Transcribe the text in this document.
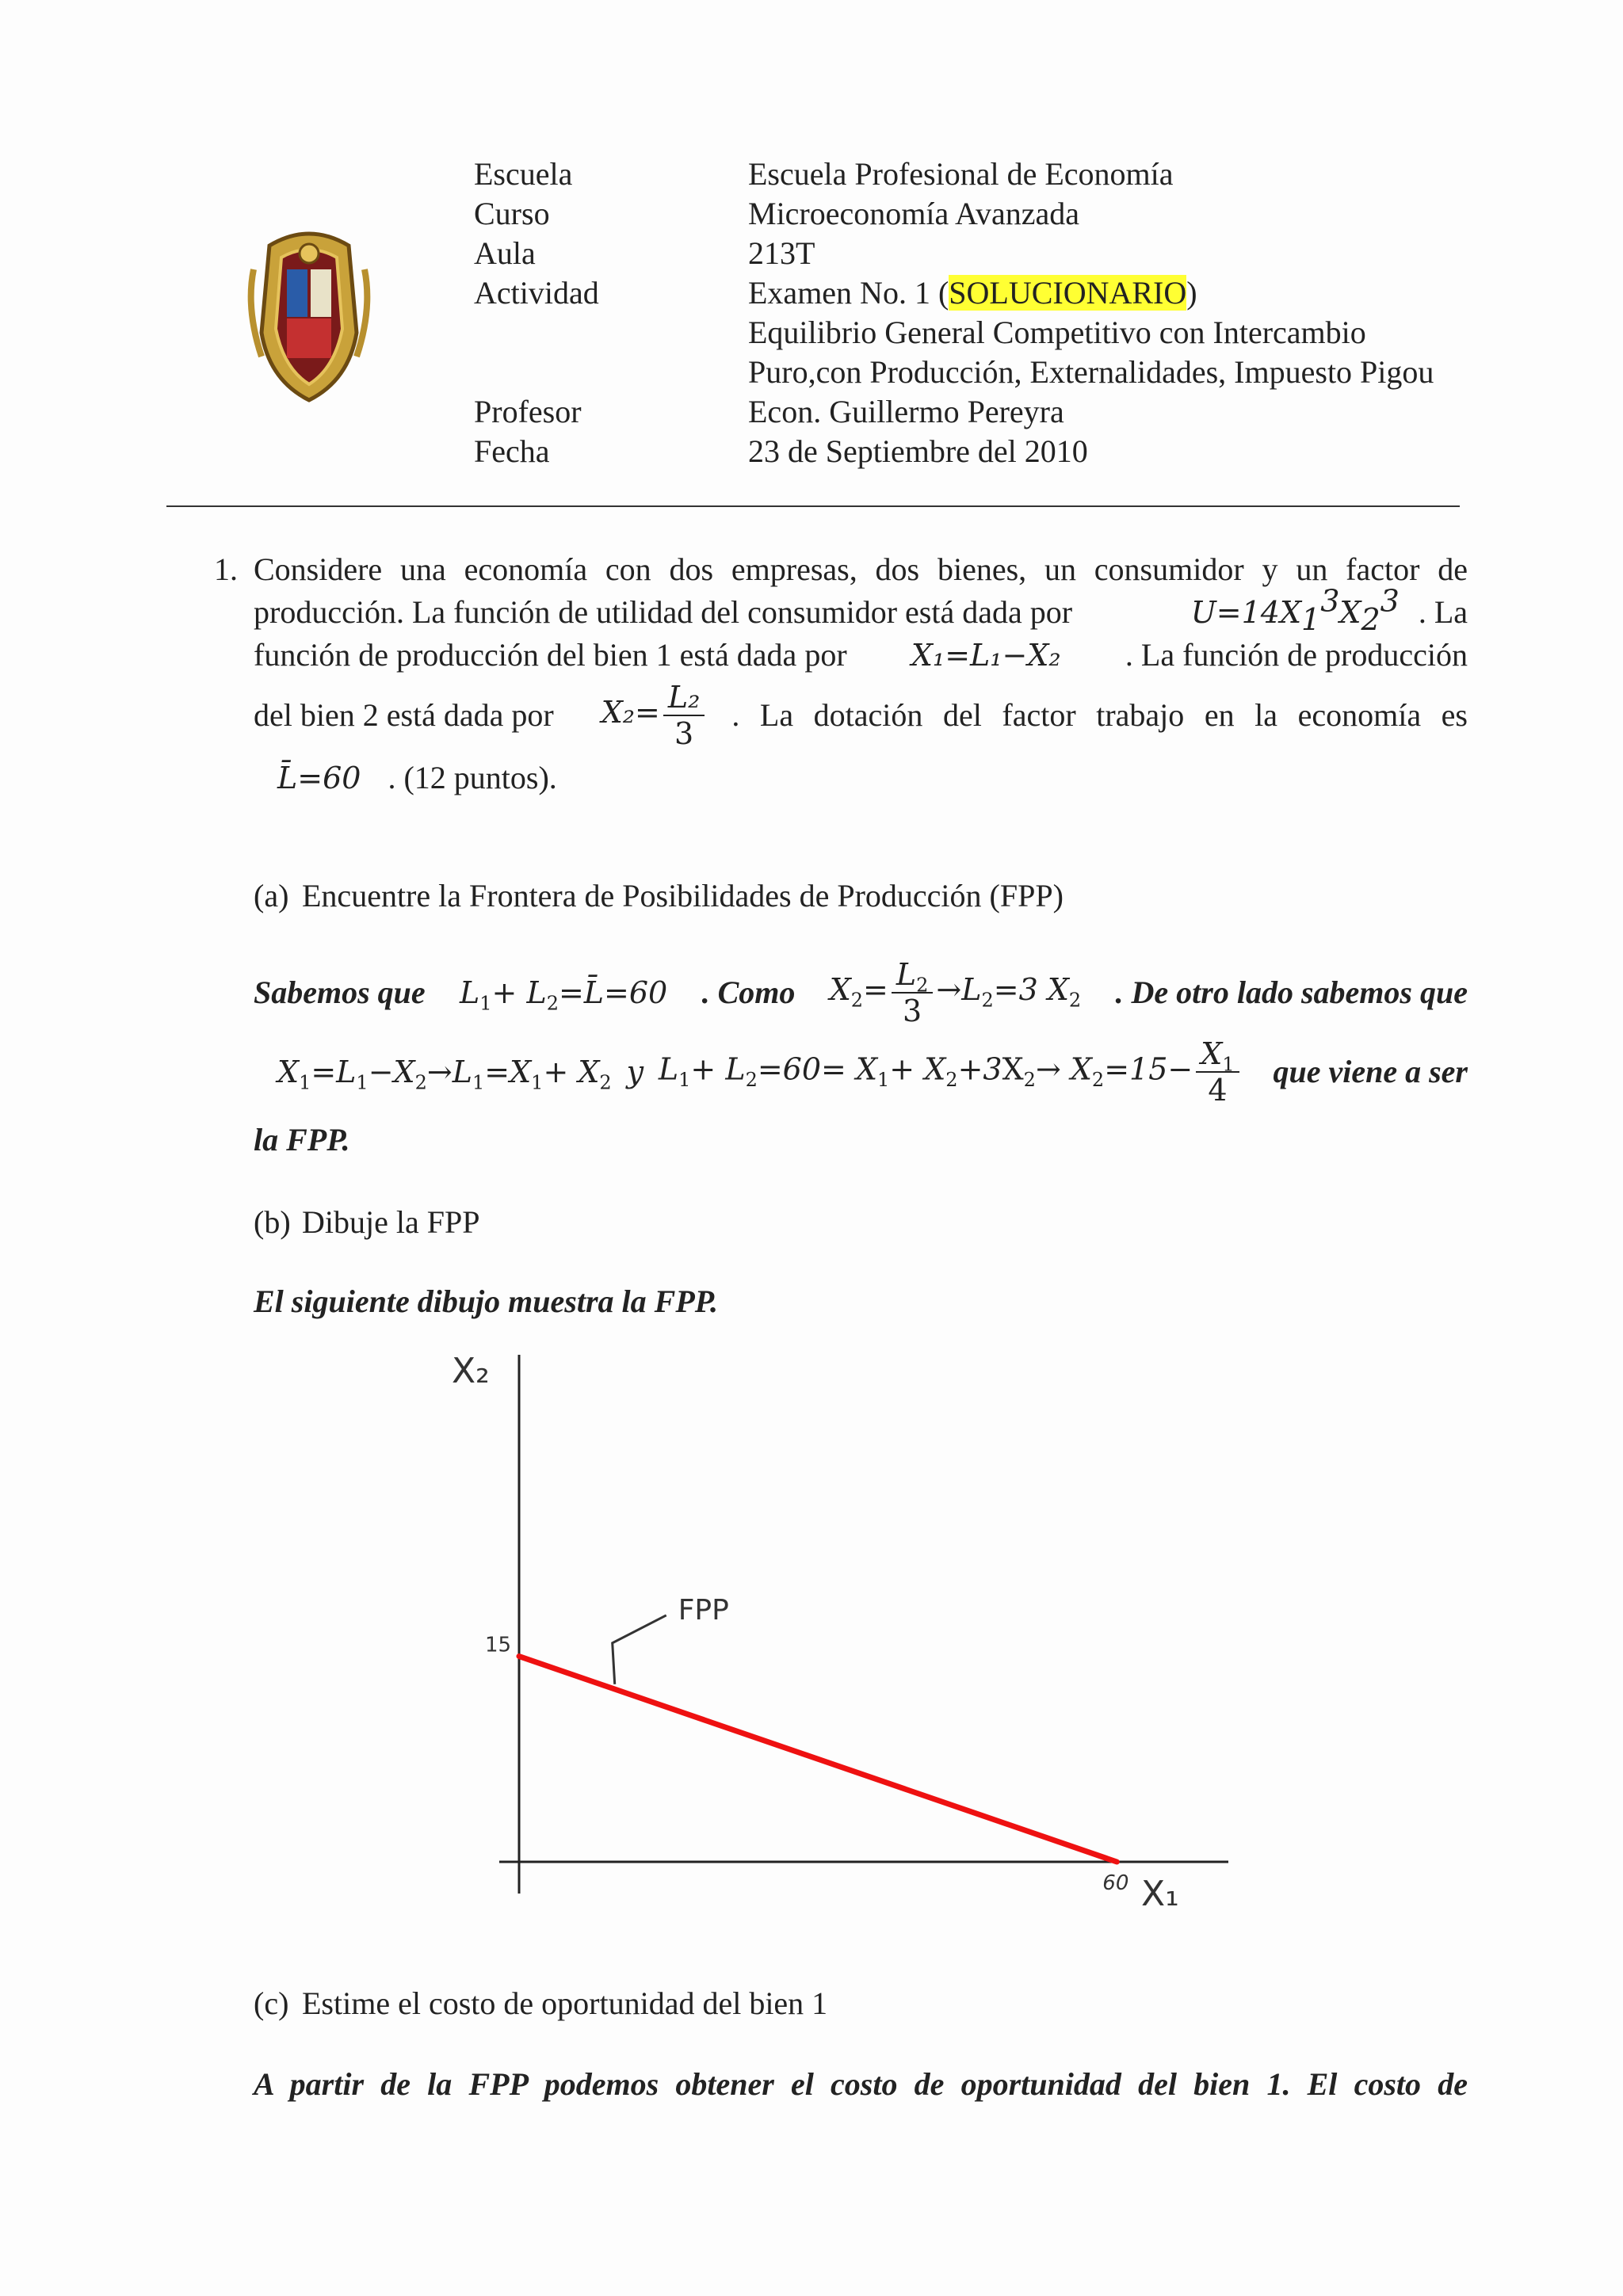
Escuela	Escuela Profesional de Economía
Curso	Microeconomía Avanzada
Aula	213T
Actividad	Examen No. 1 (SOLUCIONARIO)
Equilibrio General Competitivo con Intercambio
Puro,con Producción, Externalidades, Impuesto Pigou
Profesor	Econ. Guillermo Pereyra
Fecha	23 de Septiembre del 2010
1. Considere una economía con dos empresas, dos bienes, un consumidor y un factor de
producción. La función de utilidad del consumidor está dada por	$U=14X_1^3X_2^3$ . La
función de producción del bien 1 está dada por X₁=L₁−X₂ . La función de producción
del bien 2 está dada por $X_2= \frac{\text{L₂}}{3}$ . La dotación del factor trabajo en la economía es
L̄=60 . (12 puntos).
(a) Encuentre la Frontera de Posibilidades de Producción (FPP)
Sabemos que $L_1+$ $L_2=L̄=60$ . Como $X_2= \frac{L_2}{3} \to L_2=3$ $X_2$ . De otro lado sabemos que
$X_1=L_1-X_2\to L_1=X_1+ X_2$ y $L_1+ L_2=60= X_1+ X_2+3X_2\to X_2=15- \frac{X_1}{4}$ que viene a ser
la FPP.
(b) Dibuje la FPP
El siguiente dibujo muestra la FPP.
X₂
X₁
15
60
FPP
(c) Estime el costo de oportunidad del bien 1
A partir de la FPP podemos obtener el costo de oportunidad del bien 1. El costo de
